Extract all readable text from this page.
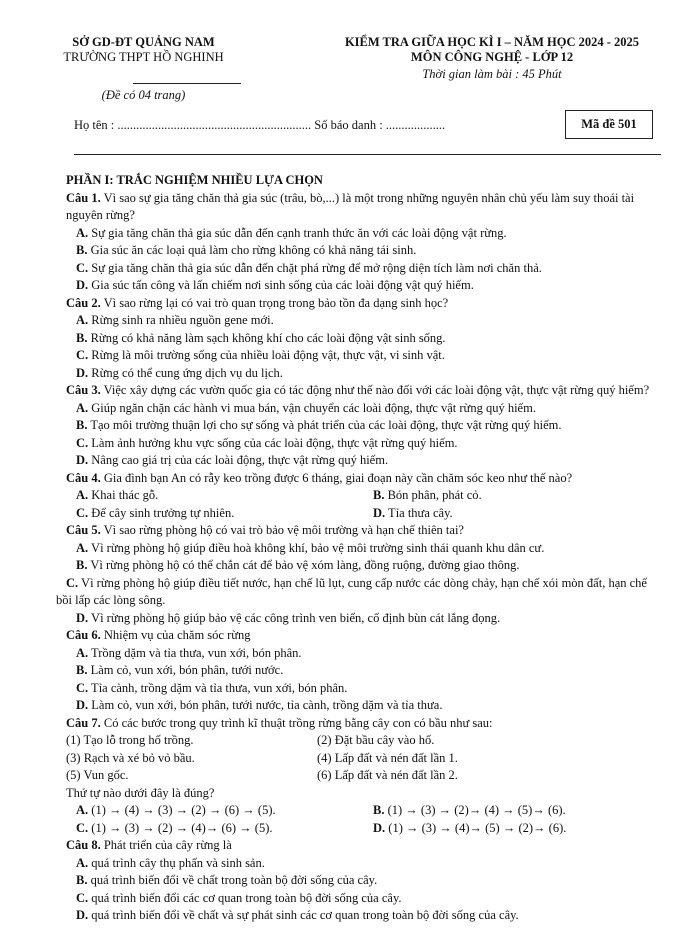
SỞ GD-ĐT QUẢNG NAM
TRƯỜNG THPT HỒ NGHINH
(Đề có 04 trang)
KIỂM TRA GIỮA HỌC KÌ I – NĂM HỌC 2024 - 2025
MÔN CÔNG NGHỆ - LỚP 12
Thời gian làm bài : 45 Phút
Họ tên : .............................................................. Số báo danh : ...................	Mã đề 501
PHẦN I: TRẮC NGHIỆM NHIỀU LỰA CHỌN
Câu 1. Vì sao sự gia tăng chăn thả gia súc (trâu, bò,...) là một trong những nguyên nhân chủ yếu làm suy thoái tài nguyên rừng?
A. Sự gia tăng chăn thả gia súc dẫn đến cạnh tranh thức ăn với các loài động vật rừng.
B. Gia súc ăn các loại quả làm cho rừng không có khả năng tái sinh.
C. Sự gia tăng chăn thả gia súc dẫn đến chặt phá rừng để mở rộng diện tích làm nơi chăn thả.
D. Gia súc tấn công và lấn chiếm nơi sinh sống của các loài động vật quý hiếm.
Câu 2. Vì sao rừng lại có vai trò quan trọng trong bảo tồn đa dạng sinh học?
A. Rừng sinh ra nhiều nguồn gene mới.
B. Rừng có khả năng làm sạch không khí cho các loài động vật sinh sống.
C. Rừng là môi trường sống của nhiều loài động vật, thực vật, vi sinh vật.
D. Rừng có thể cung ứng dịch vụ du lịch.
Câu 3. Việc xây dựng các vườn quốc gia có tác động như thế nào đối với các loài động vật, thực vật rừng quý hiếm?
A. Giúp ngăn chặn các hành vi mua bán, vận chuyển các loài động, thực vật rừng quý hiếm.
B. Tạo môi trường thuận lợi cho sự sống và phát triển của các loài động, thực vật rừng quý hiếm.
C. Làm ảnh hưởng khu vực sống của các loài động, thực vật rừng quý hiếm.
D. Nâng cao giá trị của các loài động, thực vật rừng quý hiếm.
Câu 4. Gia đình bạn An có rẫy keo trồng được 6 tháng, giai đoạn này cần chăm sóc keo như thế nào?
A. Khai thác gỗ.	B. Bón phân, phát cỏ.
C. Để cây sinh trưởng tự nhiên.	D. Tỉa thưa cây.
Câu 5. Vì sao rừng phòng hộ có vai trò bảo vệ môi trường và hạn chế thiên tai?
A. Vì rừng phòng hộ giúp điều hoà không khí, bảo vệ môi trường sinh thái quanh khu dân cư.
B. Vì rừng phòng hộ có thể chắn cát để bảo vệ xóm làng, đồng ruộng, đường giao thông.
C. Vì rừng phòng hộ giúp điều tiết nước, hạn chế lũ lụt, cung cấp nước các dòng chảy, hạn chế xói mòn đất, hạn chế bồi lấp các lòng sông.
D. Vì rừng phòng hộ giúp bảo vệ các công trình ven biển, cố định bùn cát lắng đọng.
Câu 6. Nhiệm vụ của chăm sóc rừng
A. Trồng dặm và tỉa thưa, vun xới, bón phân.
B. Làm cỏ, vun xới, bón phân, tưới nước.
C. Tỉa cành, trồng dặm và tỉa thưa, vun xới, bón phân.
D. Làm cỏ, vun xới, bón phân, tưới nước, tỉa cành, trồng dặm và tỉa thưa.
Câu 7. Có các bước trong quy trình kĩ thuật trồng rừng bằng cây con có bầu như sau:
(1) Tạo lỗ trong hố trồng.	(2) Đặt bầu cây vào hố.
(3) Rạch và xé bỏ vỏ bầu.	(4) Lấp đất và nén đất lần 1.
(5) Vun gốc.	(6) Lấp đất và nén đất lần 2.
Thứ tự nào dưới đây là đúng?
A. (1) → (4) → (3) → (2) → (6) → (5).	B. (1) → (3) → (2)→ (4) → (5)→ (6).
C. (1) → (3) → (2) → (4)→ (6) → (5).	D. (1) → (3) → (4)→ (5) → (2)→ (6).
Câu 8. Phát triển của cây rừng là
A. quá trình cây thụ phấn và sinh sản.
B. quá trình biến đổi về chất trong toàn bộ đời sống của cây.
C. quá trình biến đổi các cơ quan trong toàn bộ đời sống của cây.
D. quá trình biến đổi về chất và sự phát sinh các cơ quan trong toàn bộ đời sống của cây.
